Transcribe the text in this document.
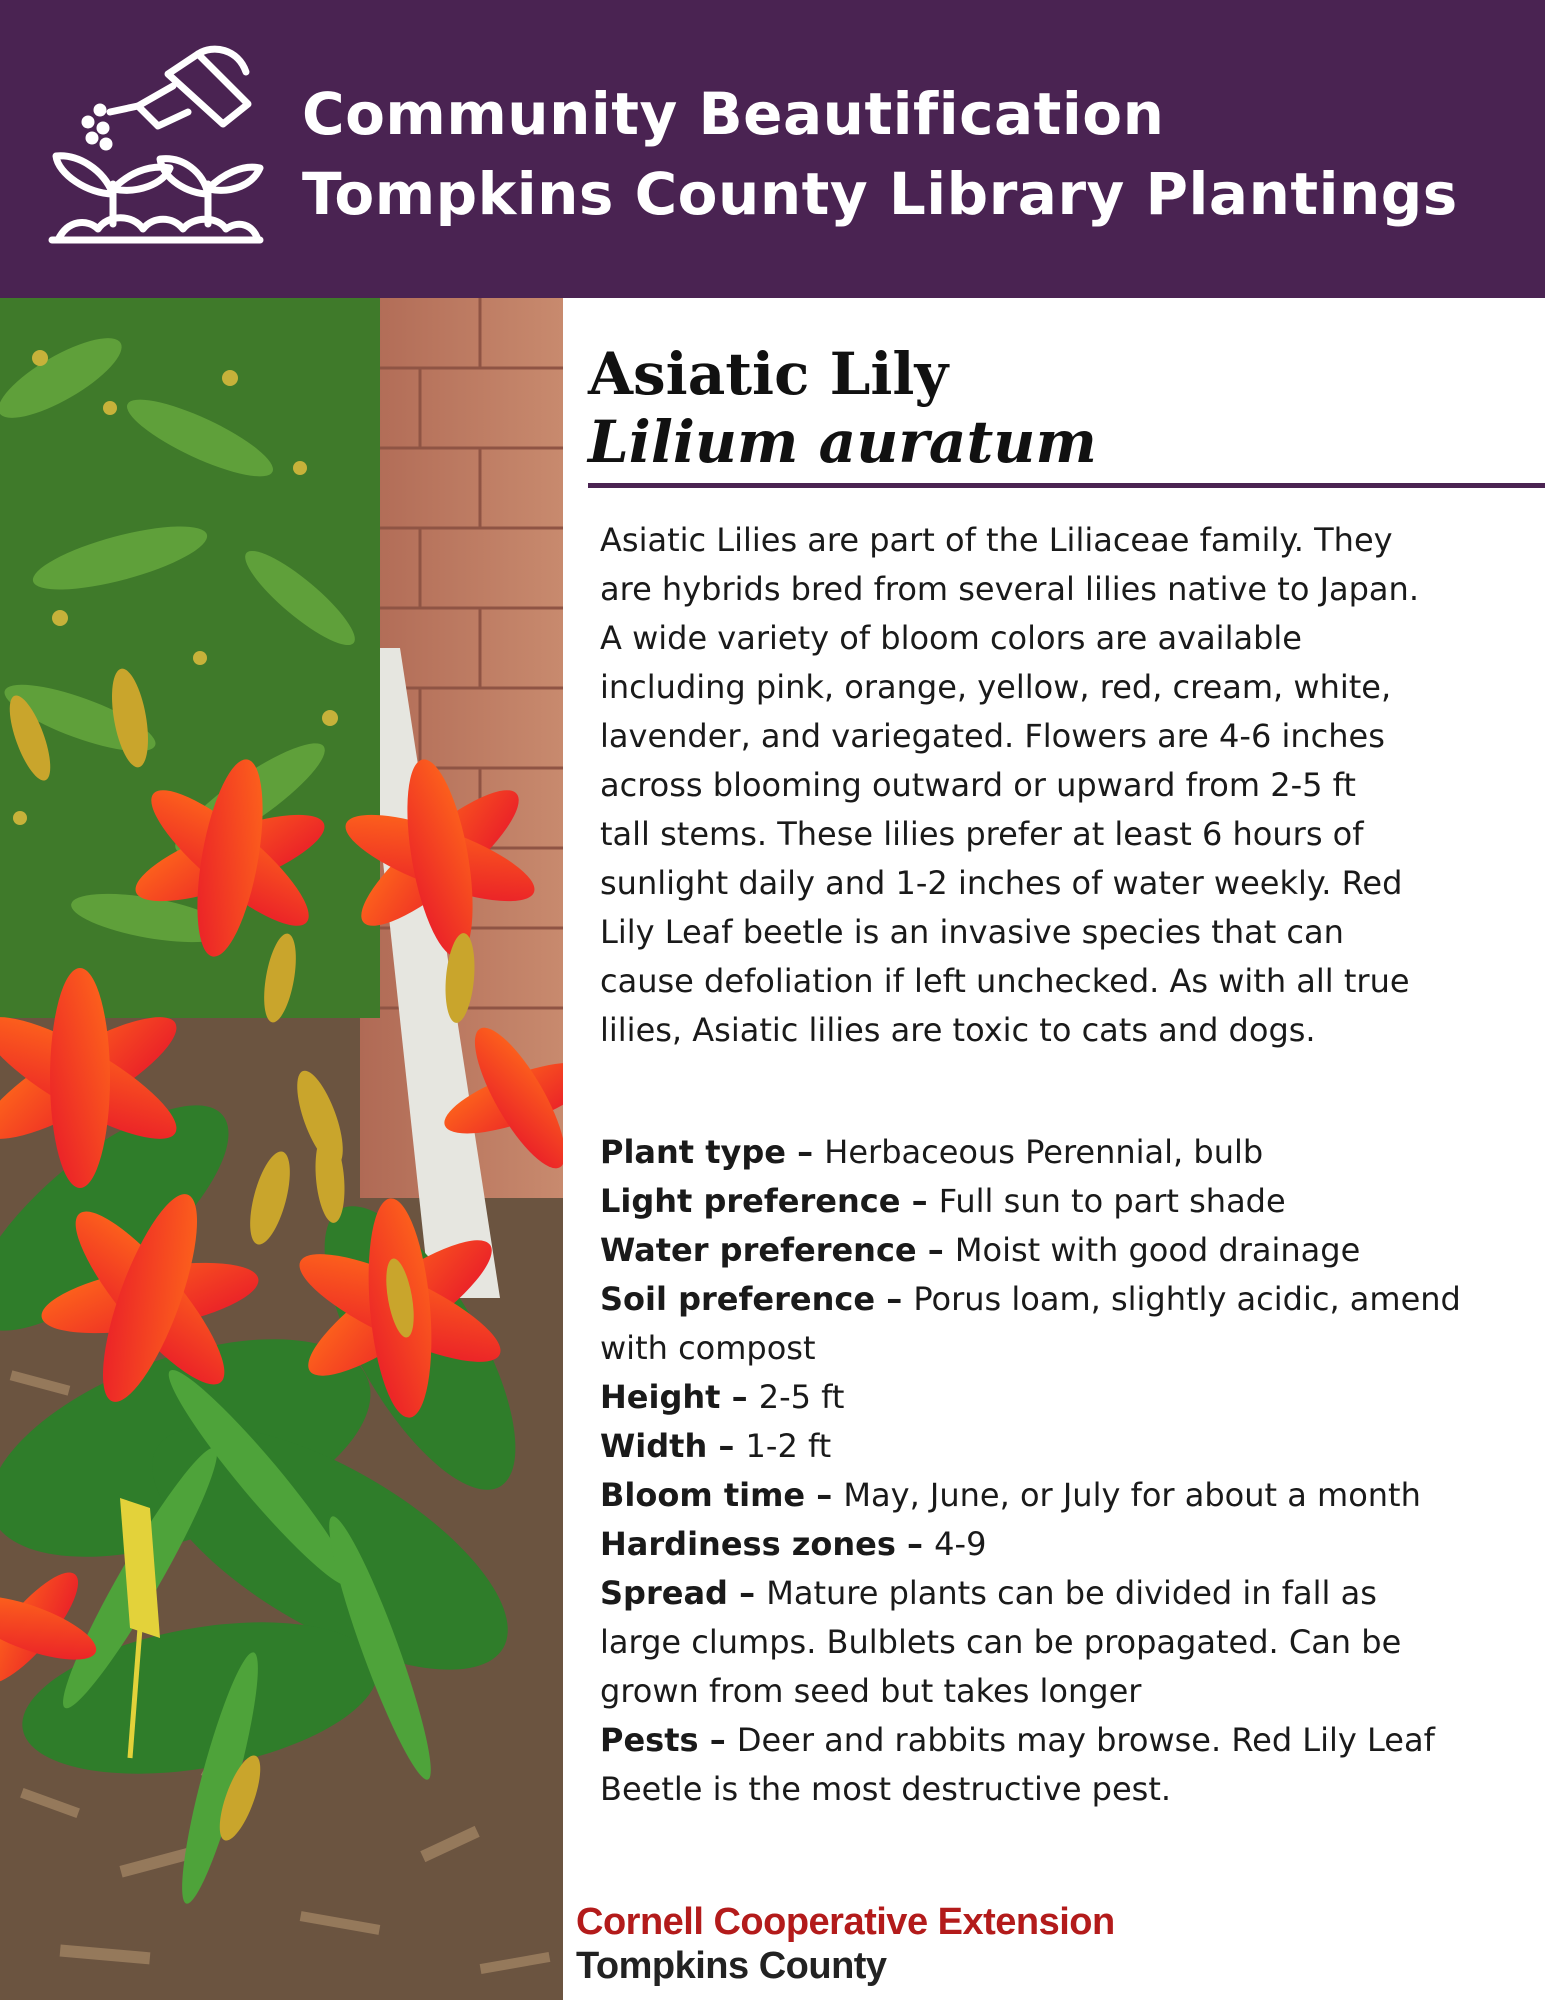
Community Beautification
Tompkins County Library Plantings
Asiatic Lily
Lilium auratum
Asiatic Lilies are part of the Liliaceae family. They
are hybrids bred from several lilies native to Japan.
A wide variety of bloom colors are available
including pink, orange, yellow, red, cream, white,
lavender, and variegated. Flowers are 4-6 inches
across blooming outward or upward from 2-5 ft
tall stems. These lilies prefer at least 6 hours of
sunlight daily and 1-2 inches of water weekly. Red
Lily Leaf beetle is an invasive species that can
cause defoliation if left unchecked. As with all true
lilies, Asiatic lilies are toxic to cats and dogs.
Plant type – Herbaceous Perennial, bulb
Light preference – Full sun to part shade
Water preference – Moist with good drainage
Soil preference – Porus loam, slightly acidic, amend
with compost
Height – 2-5 ft
Width – 1-2 ft
Bloom time – May, June, or July for about a month
Hardiness zones – 4-9
Spread – Mature plants can be divided in fall as
large clumps. Bulblets can be propagated. Can be
grown from seed but takes longer
Pests – Deer and rabbits may browse. Red Lily Leaf
Beetle is the most destructive pest.
Cornell Cooperative Extension
Tompkins County
